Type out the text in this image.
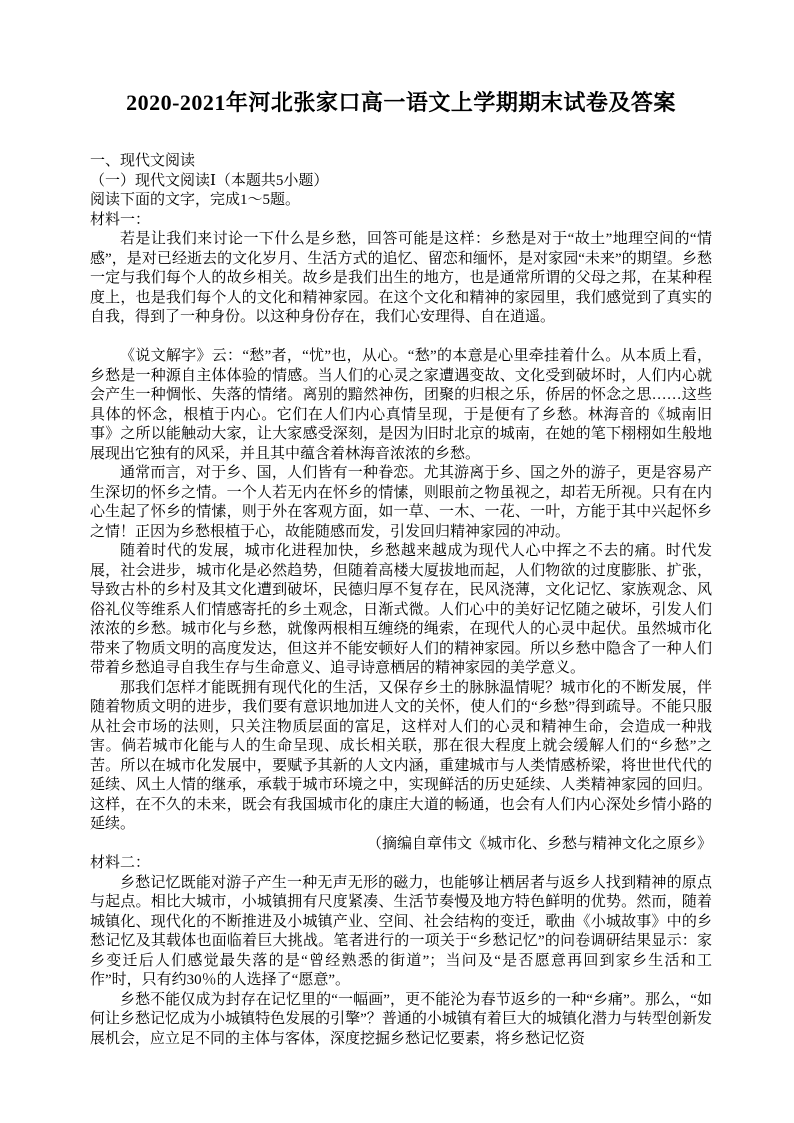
2020-2021年河北张家口高一语文上学期期末试卷及答案

一、现代文阅读

（一）现代文阅读Ⅰ（本题共5小题）

阅读下面的文字，完成1～5题。

材料一：

若是让我们来讨论一下什么是乡愁，回答可能是这样：乡愁是对于“故土”地理空间的“情感”，是对已经逝去的文化岁月、生活方式的追忆、留恋和缅怀，是对家园“未来”的期望。乡愁一定与我们每个人的故乡相关。故乡是我们出生的地方，也是通常所谓的父母之邦，在某种程度上，也是我们每个人的文化和精神家园。在这个文化和精神的家园里，我们感觉到了真实的自我，得到了一种身份。以这种身份存在，我们心安理得、自在逍遥。

《说文解字》云：“愁”者，“忧”也，从心。“愁”的本意是心里牵挂着什么。从本质上看，乡愁是一种源自主体体验的情感。当人们的心灵之家遭遇变故、文化受到破坏时，人们内心就会产生一种惆怅、失落的情绪。离别的黯然神伤，团聚的归根之乐，侨居的怀念之思……这些具体的怀念，根植于内心。它们在人们内心真情呈现，于是便有了乡愁。林海音的《城南旧事》之所以能触动大家，让大家感受深刻，是因为旧时北京的城南，在她的笔下栩栩如生般地展现出它独有的风采，并且其中蕴含着林海音浓浓的乡愁。

通常而言，对于乡、国，人们皆有一种眷恋。尤其游离于乡、国之外的游子，更是容易产生深切的怀乡之情。一个人若无内在怀乡的情愫，则眼前之物虽视之，却若无所视。只有在内心生起了怀乡的情愫，则于外在客观方面，如一草、一木、一花、一叶，方能于其中兴起怀乡之情！正因为乡愁根植于心，故能随感而发，引发回归精神家园的冲动。

随着时代的发展，城市化进程加快，乡愁越来越成为现代人心中挥之不去的痛。时代发展，社会进步，城市化是必然趋势，但随着高楼大厦拔地而起，人们物欲的过度膨胀、扩张，导致古朴的乡村及其文化遭到破坏，民德归厚不复存在，民风浇薄，文化记忆、家族观念、风俗礼仪等维系人们情感寄托的乡土观念，日渐式微。人们心中的美好记忆随之破坏，引发人们浓浓的乡愁。城市化与乡愁，就像两根相互缠绕的绳索，在现代人的心灵中起伏。虽然城市化带来了物质文明的高度发达，但这并不能安顿好人们的精神家园。所以乡愁中隐含了一种人们带着乡愁追寻自我生存与生命意义、追寻诗意栖居的精神家园的美学意义。

那我们怎样才能既拥有现代化的生活，又保存乡土的脉脉温情呢？城市化的不断发展，伴随着物质文明的进步，我们要有意识地加进人文的关怀，使人们的“乡愁”得到疏导。不能只服从社会市场的法则，只关注物质层面的富足，这样对人们的心灵和精神生命，会造成一种戕害。倘若城市化能与人的生命呈现、成长相关联，那在很大程度上就会缓解人们的“乡愁”之苦。所以在城市化发展中，要赋予其新的人文内涵，重建城市与人类情感桥梁，将世世代代的延续、风土人情的继承，承载于城市环境之中，实现鲜活的历史延续、人类精神家园的回归。这样，在不久的未来，既会有我国城市化的康庄大道的畅通，也会有人们内心深处乡情小路的延续。

（摘编自章伟文《城市化、乡愁与精神文化之原乡》

材料二：

乡愁记忆既能对游子产生一种无声无形的磁力，也能够让栖居者与返乡人找到精神的原点与起点。相比大城市，小城镇拥有尺度紧凑、生活节奏慢及地方特色鲜明的优势。然而，随着城镇化、现代化的不断推进及小城镇产业、空间、社会结构的变迁，歌曲《小城故事》中的乡愁记忆及其载体也面临着巨大挑战。笔者进行的一项关于“乡愁记忆”的问卷调研结果显示：家乡变迁后人们感觉最失落的是“曾经熟悉的街道”；当问及“是否愿意再回到家乡生活和工作”时，只有约30％的人选择了“愿意”。

乡愁不能仅成为封存在记忆里的“一幅画”，更不能沦为春节返乡的一种“乡痛”。那么，“如何让乡愁记忆成为小城镇特色发展的引擎”？普通的小城镇有着巨大的城镇化潜力与转型创新发展机会，应立足不同的主体与客体，深度挖掘乡愁记忆要素，将乡愁记忆资
